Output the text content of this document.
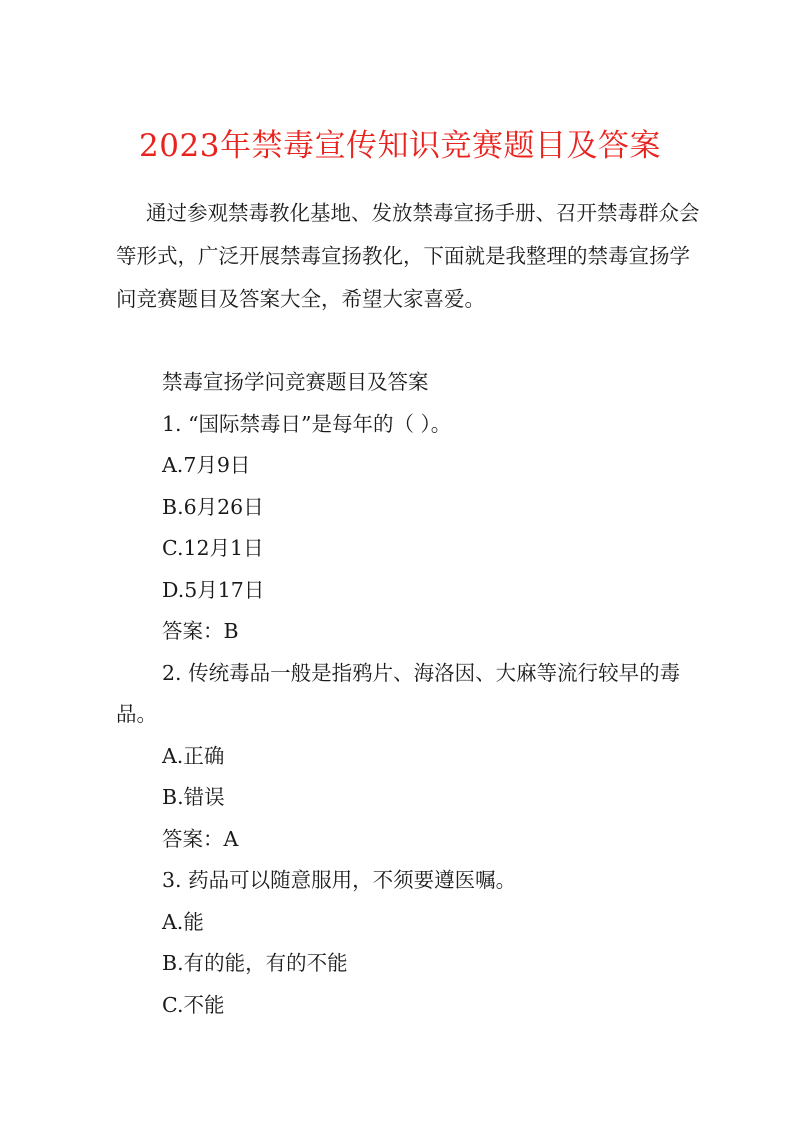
2023年禁毒宣传知识竞赛题目及答案

通过参观禁毒教化基地、发放禁毒宣扬手册、召开禁毒群众会等形式，广泛开展禁毒宣扬教化，下面就是我整理的禁毒宣扬学问竞赛题目及答案大全，希望大家喜爱。

禁毒宣扬学问竞赛题目及答案

1. “国际禁毒日”是每年的（ ）。

A.7月9日

B.6月26日

C.12月1日

D.5月17日

答案：B

2. 传统毒品一般是指鸦片、海洛因、大麻等流行较早的毒品。

A.正确

B.错误

答案：A

3. 药品可以随意服用，不须要遵医嘱。

A.能

B.有的能，有的不能

C.不能
